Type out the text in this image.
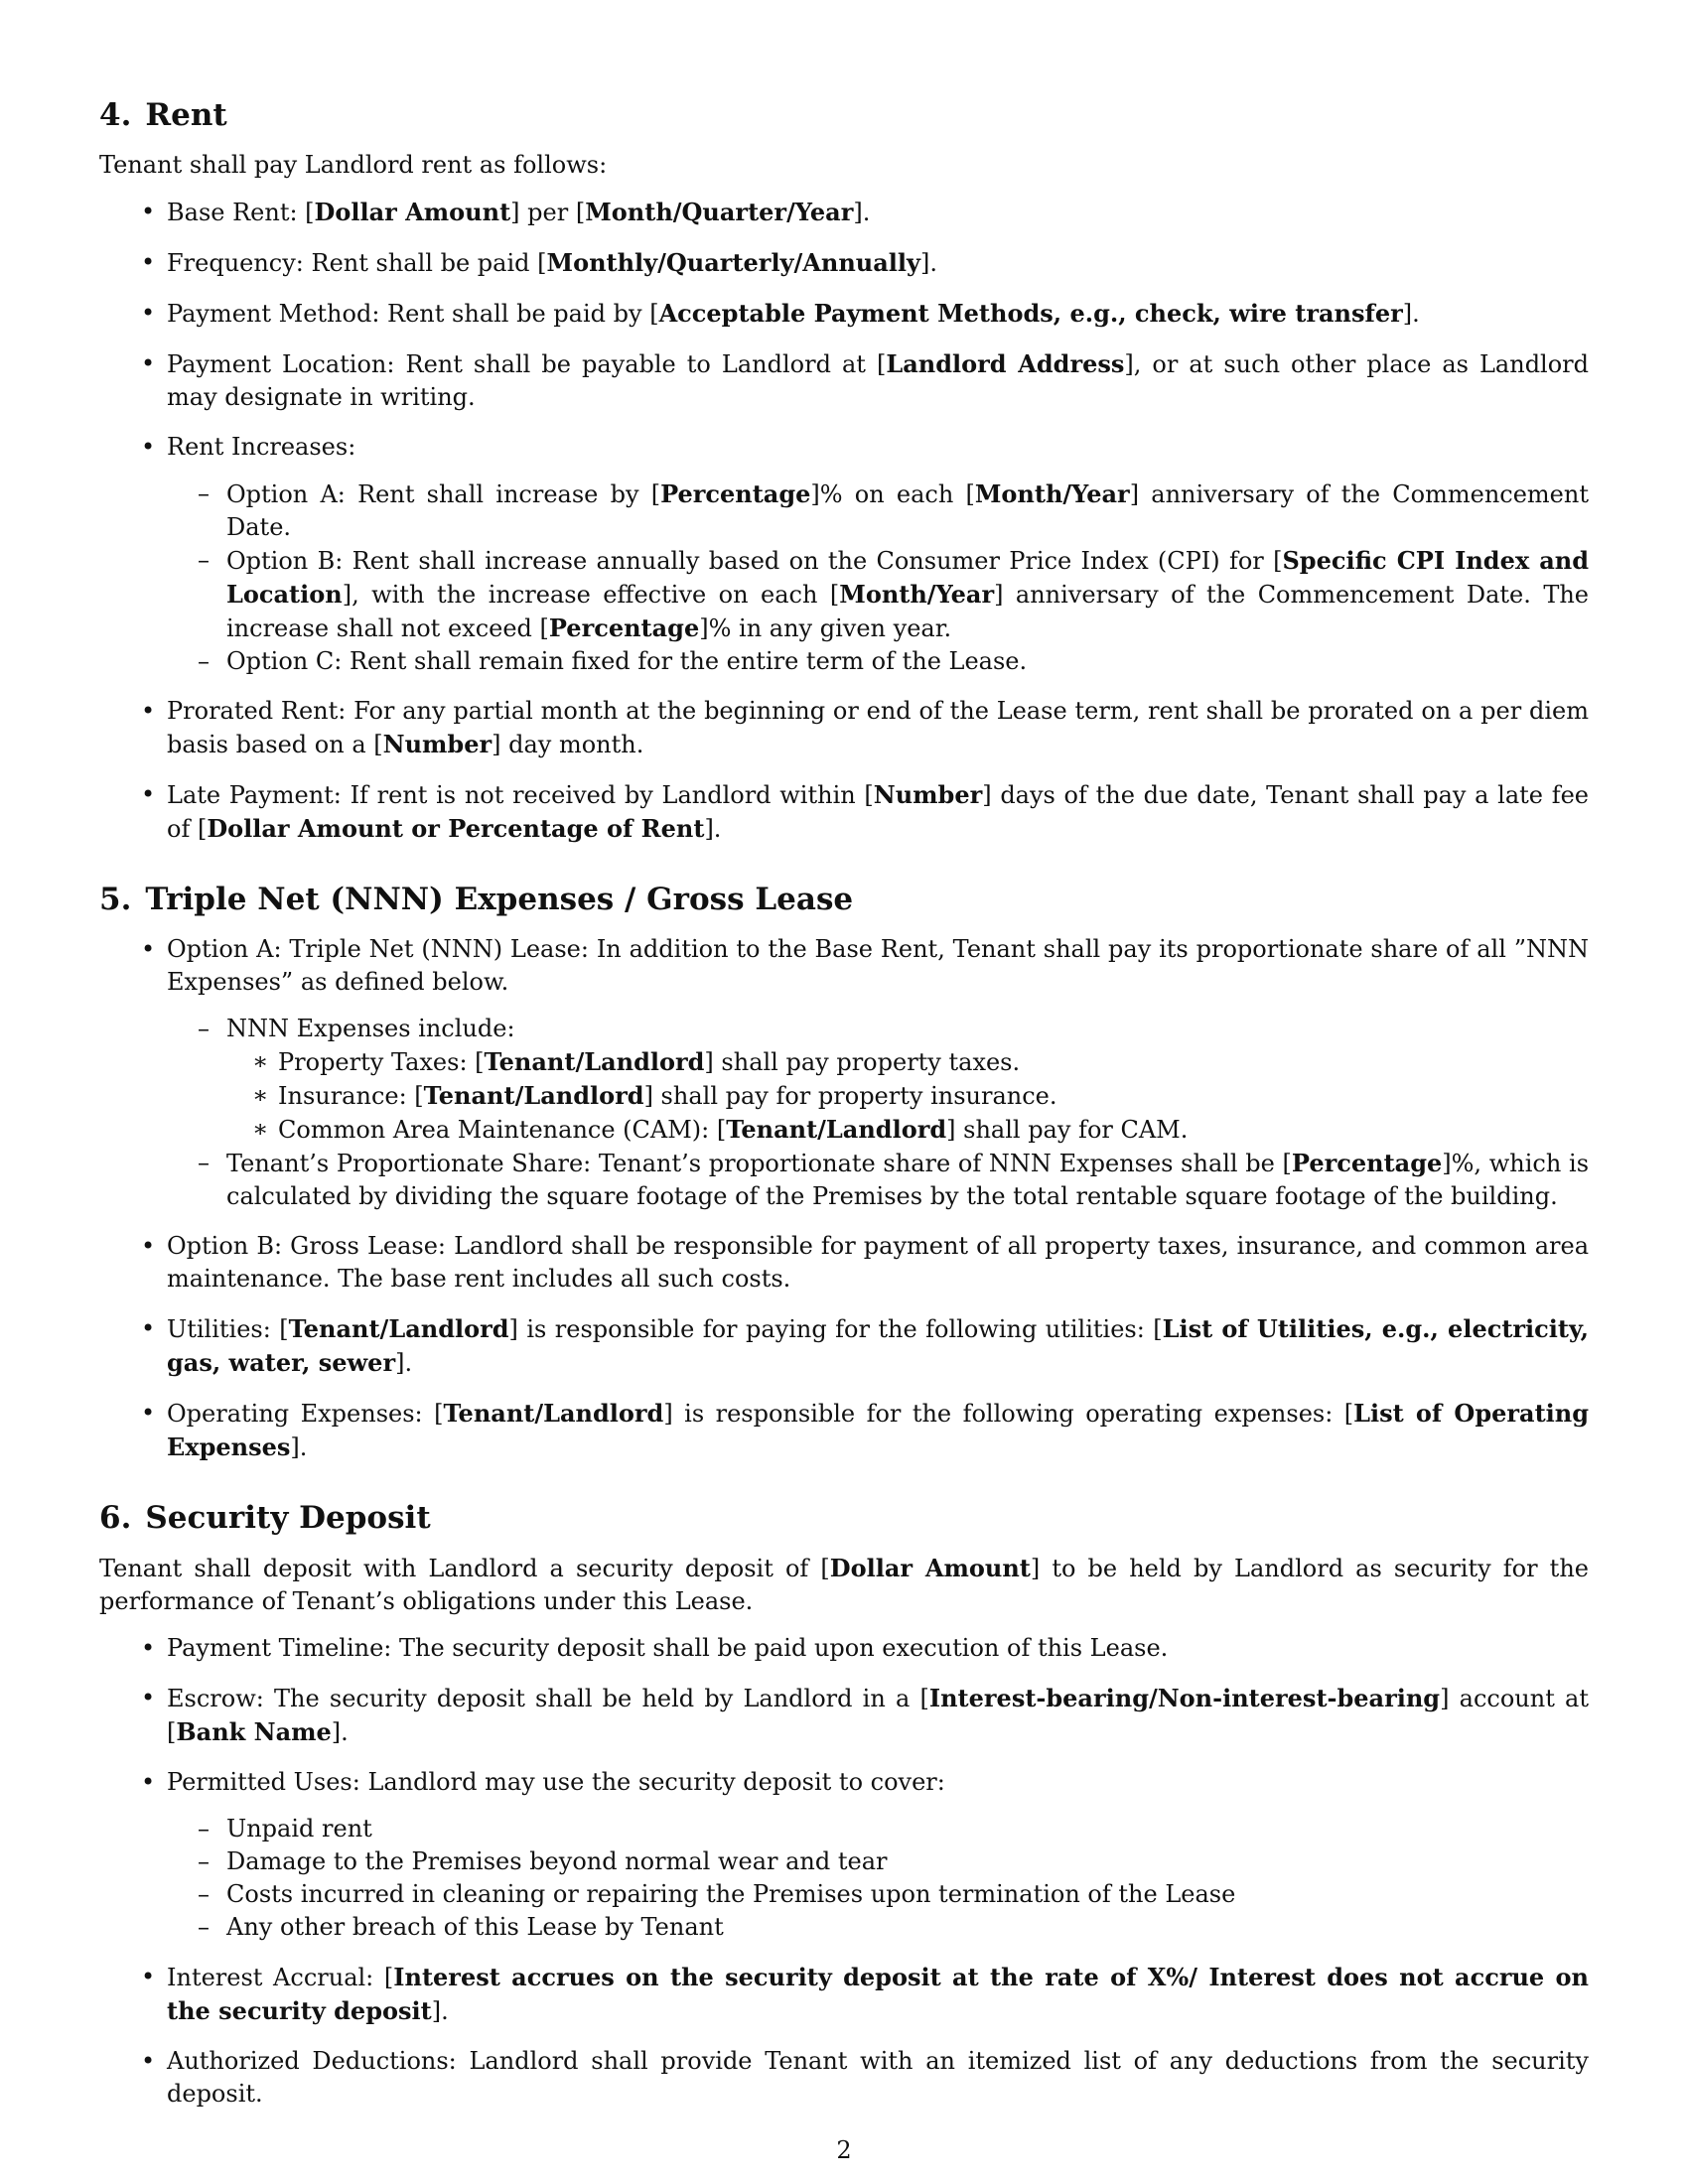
4. Rent

Tenant shall pay Landlord rent as follows:

• Base Rent: [Dollar Amount] per [Month/Quarter/Year].
• Frequency: Rent shall be paid [Monthly/Quarterly/Annually].
• Payment Method: Rent shall be paid by [Acceptable Payment Methods, e.g., check, wire transfer].
• Payment Location: Rent shall be payable to Landlord at [Landlord Address], or at such other place as Landlord may designate in writing.
• Rent Increases:
– Option A: Rent shall increase by [Percentage]% on each [Month/Year] anniversary of the Commencement Date.
– Option B: Rent shall increase annually based on the Consumer Price Index (CPI) for [Specific CPI Index and Location], with the increase effective on each [Month/Year] anniversary of the Commencement Date. The increase shall not exceed [Percentage]% in any given year.
– Option C: Rent shall remain fixed for the entire term of the Lease.
• Prorated Rent: For any partial month at the beginning or end of the Lease term, rent shall be prorated on a per diem basis based on a [Number] day month.
• Late Payment: If rent is not received by Landlord within [Number] days of the due date, Tenant shall pay a late fee of [Dollar Amount or Percentage of Rent].
5. Triple Net (NNN) Expenses / Gross Lease
• Option A: Triple Net (NNN) Lease: In addition to the Base Rent, Tenant shall pay its proportionate share of all ”NNN Expenses” as defined below.
– NNN Expenses include:
∗ Property Taxes: [Tenant/Landlord] shall pay property taxes.
∗ Insurance: [Tenant/Landlord] shall pay for property insurance.
∗ Common Area Maintenance (CAM): [Tenant/Landlord] shall pay for CAM.
– Tenant’s Proportionate Share: Tenant’s proportionate share of NNN Expenses shall be [Percentage]%, which is calculated by dividing the square footage of the Premises by the total rentable square footage of the building.
• Option B: Gross Lease: Landlord shall be responsible for payment of all property taxes, insurance, and common area maintenance. The base rent includes all such costs.
• Utilities: [Tenant/Landlord] is responsible for paying for the following utilities: [List of Utilities, e.g., electricity, gas, water, sewer].
• Operating Expenses: [Tenant/Landlord] is responsible for the following operating expenses: [List of Operating Expenses].
6. Security Deposit

Tenant shall deposit with Landlord a security deposit of [Dollar Amount] to be held by Landlord as security for the performance of Tenant’s obligations under this Lease.

• Payment Timeline: The security deposit shall be paid upon execution of this Lease.
• Escrow: The security deposit shall be held by Landlord in a [Interest-bearing/Non-interest-bearing] account at [Bank Name].
• Permitted Uses: Landlord may use the security deposit to cover:
– Unpaid rent
– Damage to the Premises beyond normal wear and tear
– Costs incurred in cleaning or repairing the Premises upon termination of the Lease
– Any other breach of this Lease by Tenant
• Interest Accrual: [Interest accrues on the security deposit at the rate of X%/ Interest does not accrue on the security deposit].
• Authorized Deductions: Landlord shall provide Tenant with an itemized list of any deductions from the security deposit.
2
